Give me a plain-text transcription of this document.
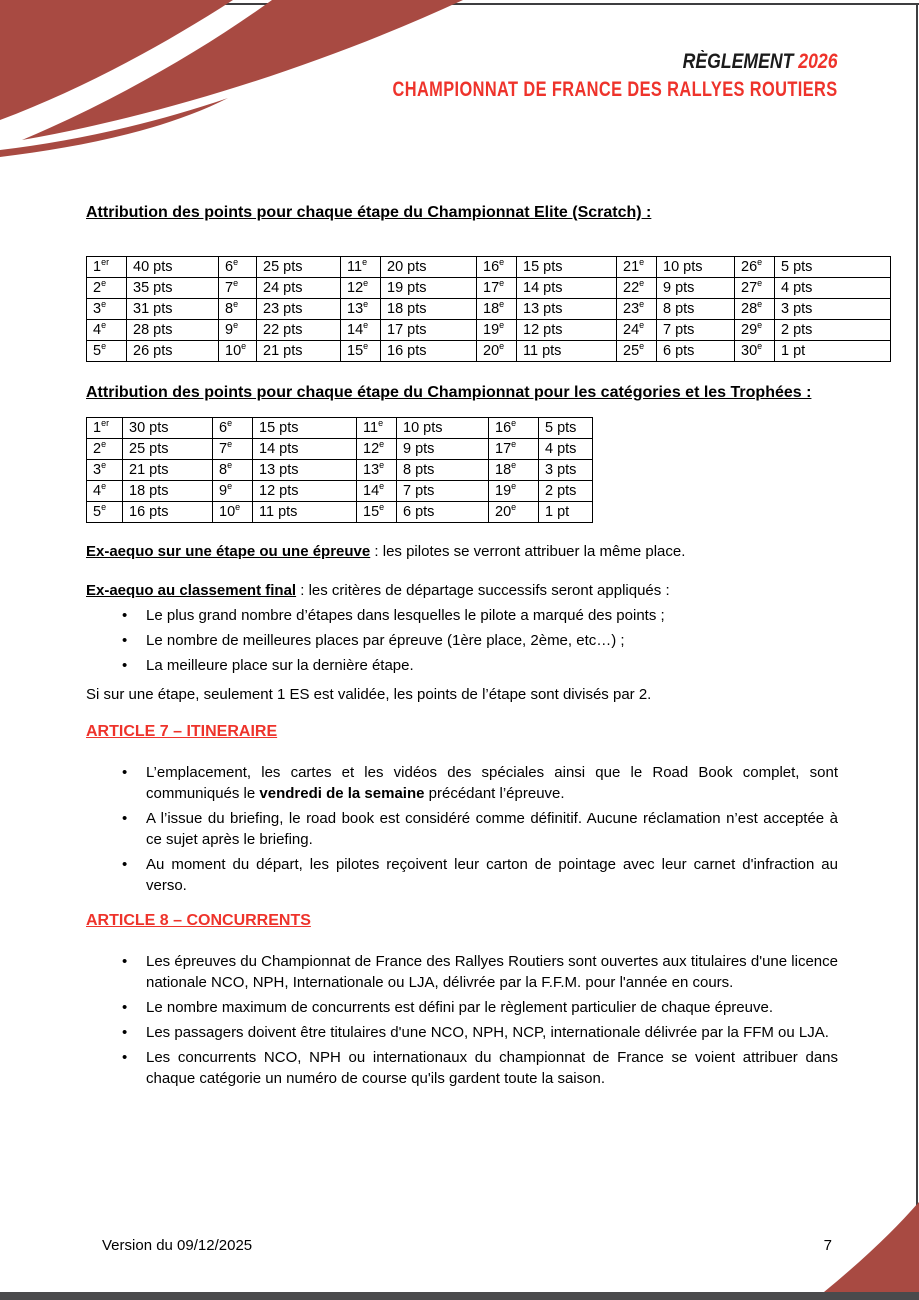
RÈGLEMENT 2026
CHAMPIONNAT DE FRANCE DES RALLYES ROUTIERS

Attribution des points pour chaque étape du Championnat Elite (Scratch) :

1er	40 pts	6e	25 pts	11e	20 pts	16e	15 pts	21e	10 pts	26e	5 pts
2e	35 pts	7e	24 pts	12e	19 pts	17e	14 pts	22e	9 pts	27e	4 pts
3e	31 pts	8e	23 pts	13e	18 pts	18e	13 pts	23e	8 pts	28e	3 pts
4e	28 pts	9e	22 pts	14e	17 pts	19e	12 pts	24e	7 pts	29e	2 pts
5e	26 pts	10e	21 pts	15e	16 pts	20e	11 pts	25e	6 pts	30e	1 pt

Attribution des points pour chaque étape du Championnat pour les catégories et les Trophées :

1er	30 pts	6e	15 pts	11e	10 pts	16e	5 pts
2e	25 pts	7e	14 pts	12e	9 pts	17e	4 pts
3e	21 pts	8e	13 pts	13e	8 pts	18e	3 pts
4e	18 pts	9e	12 pts	14e	7 pts	19e	2 pts
5e	16 pts	10e	11 pts	15e	6 pts	20e	1 pt

Ex-aequo sur une étape ou une épreuve : les pilotes se verront attribuer la même place.

Ex-aequo au classement final : les critères de départage successifs seront appliqués :

• Le plus grand nombre d’étapes dans lesquelles le pilote a marqué des points ;
• Le nombre de meilleures places par épreuve (1ère place, 2ème, etc…) ;
• La meilleure place sur la dernière étape.

Si sur une étape, seulement 1 ES est validée, les points de l’étape sont divisés par 2.

ARTICLE 7 – ITINERAIRE

• L’emplacement, les cartes et les vidéos des spéciales ainsi que le Road Book complet, sont communiqués le vendredi de la semaine précédant l’épreuve.
• A l’issue du briefing, le road book est considéré comme définitif. Aucune réclamation n’est acceptée à ce sujet après le briefing.
• Au moment du départ, les pilotes reçoivent leur carton de pointage avec leur carnet d'infraction au verso.

ARTICLE 8 – CONCURRENTS

• Les épreuves du Championnat de France des Rallyes Routiers sont ouvertes aux titulaires d'une licence nationale NCO, NPH, Internationale ou LJA, délivrée par la F.F.M. pour l'année en cours.
• Le nombre maximum de concurrents est défini par le règlement particulier de chaque épreuve.
• Les passagers doivent être titulaires d'une NCO, NPH, NCP, internationale délivrée par la FFM ou LJA.
• Les concurrents NCO, NPH ou internationaux du championnat de France se voient attribuer dans chaque catégorie un numéro de course qu'ils gardent toute la saison.
Version du 09/12/2025	7
